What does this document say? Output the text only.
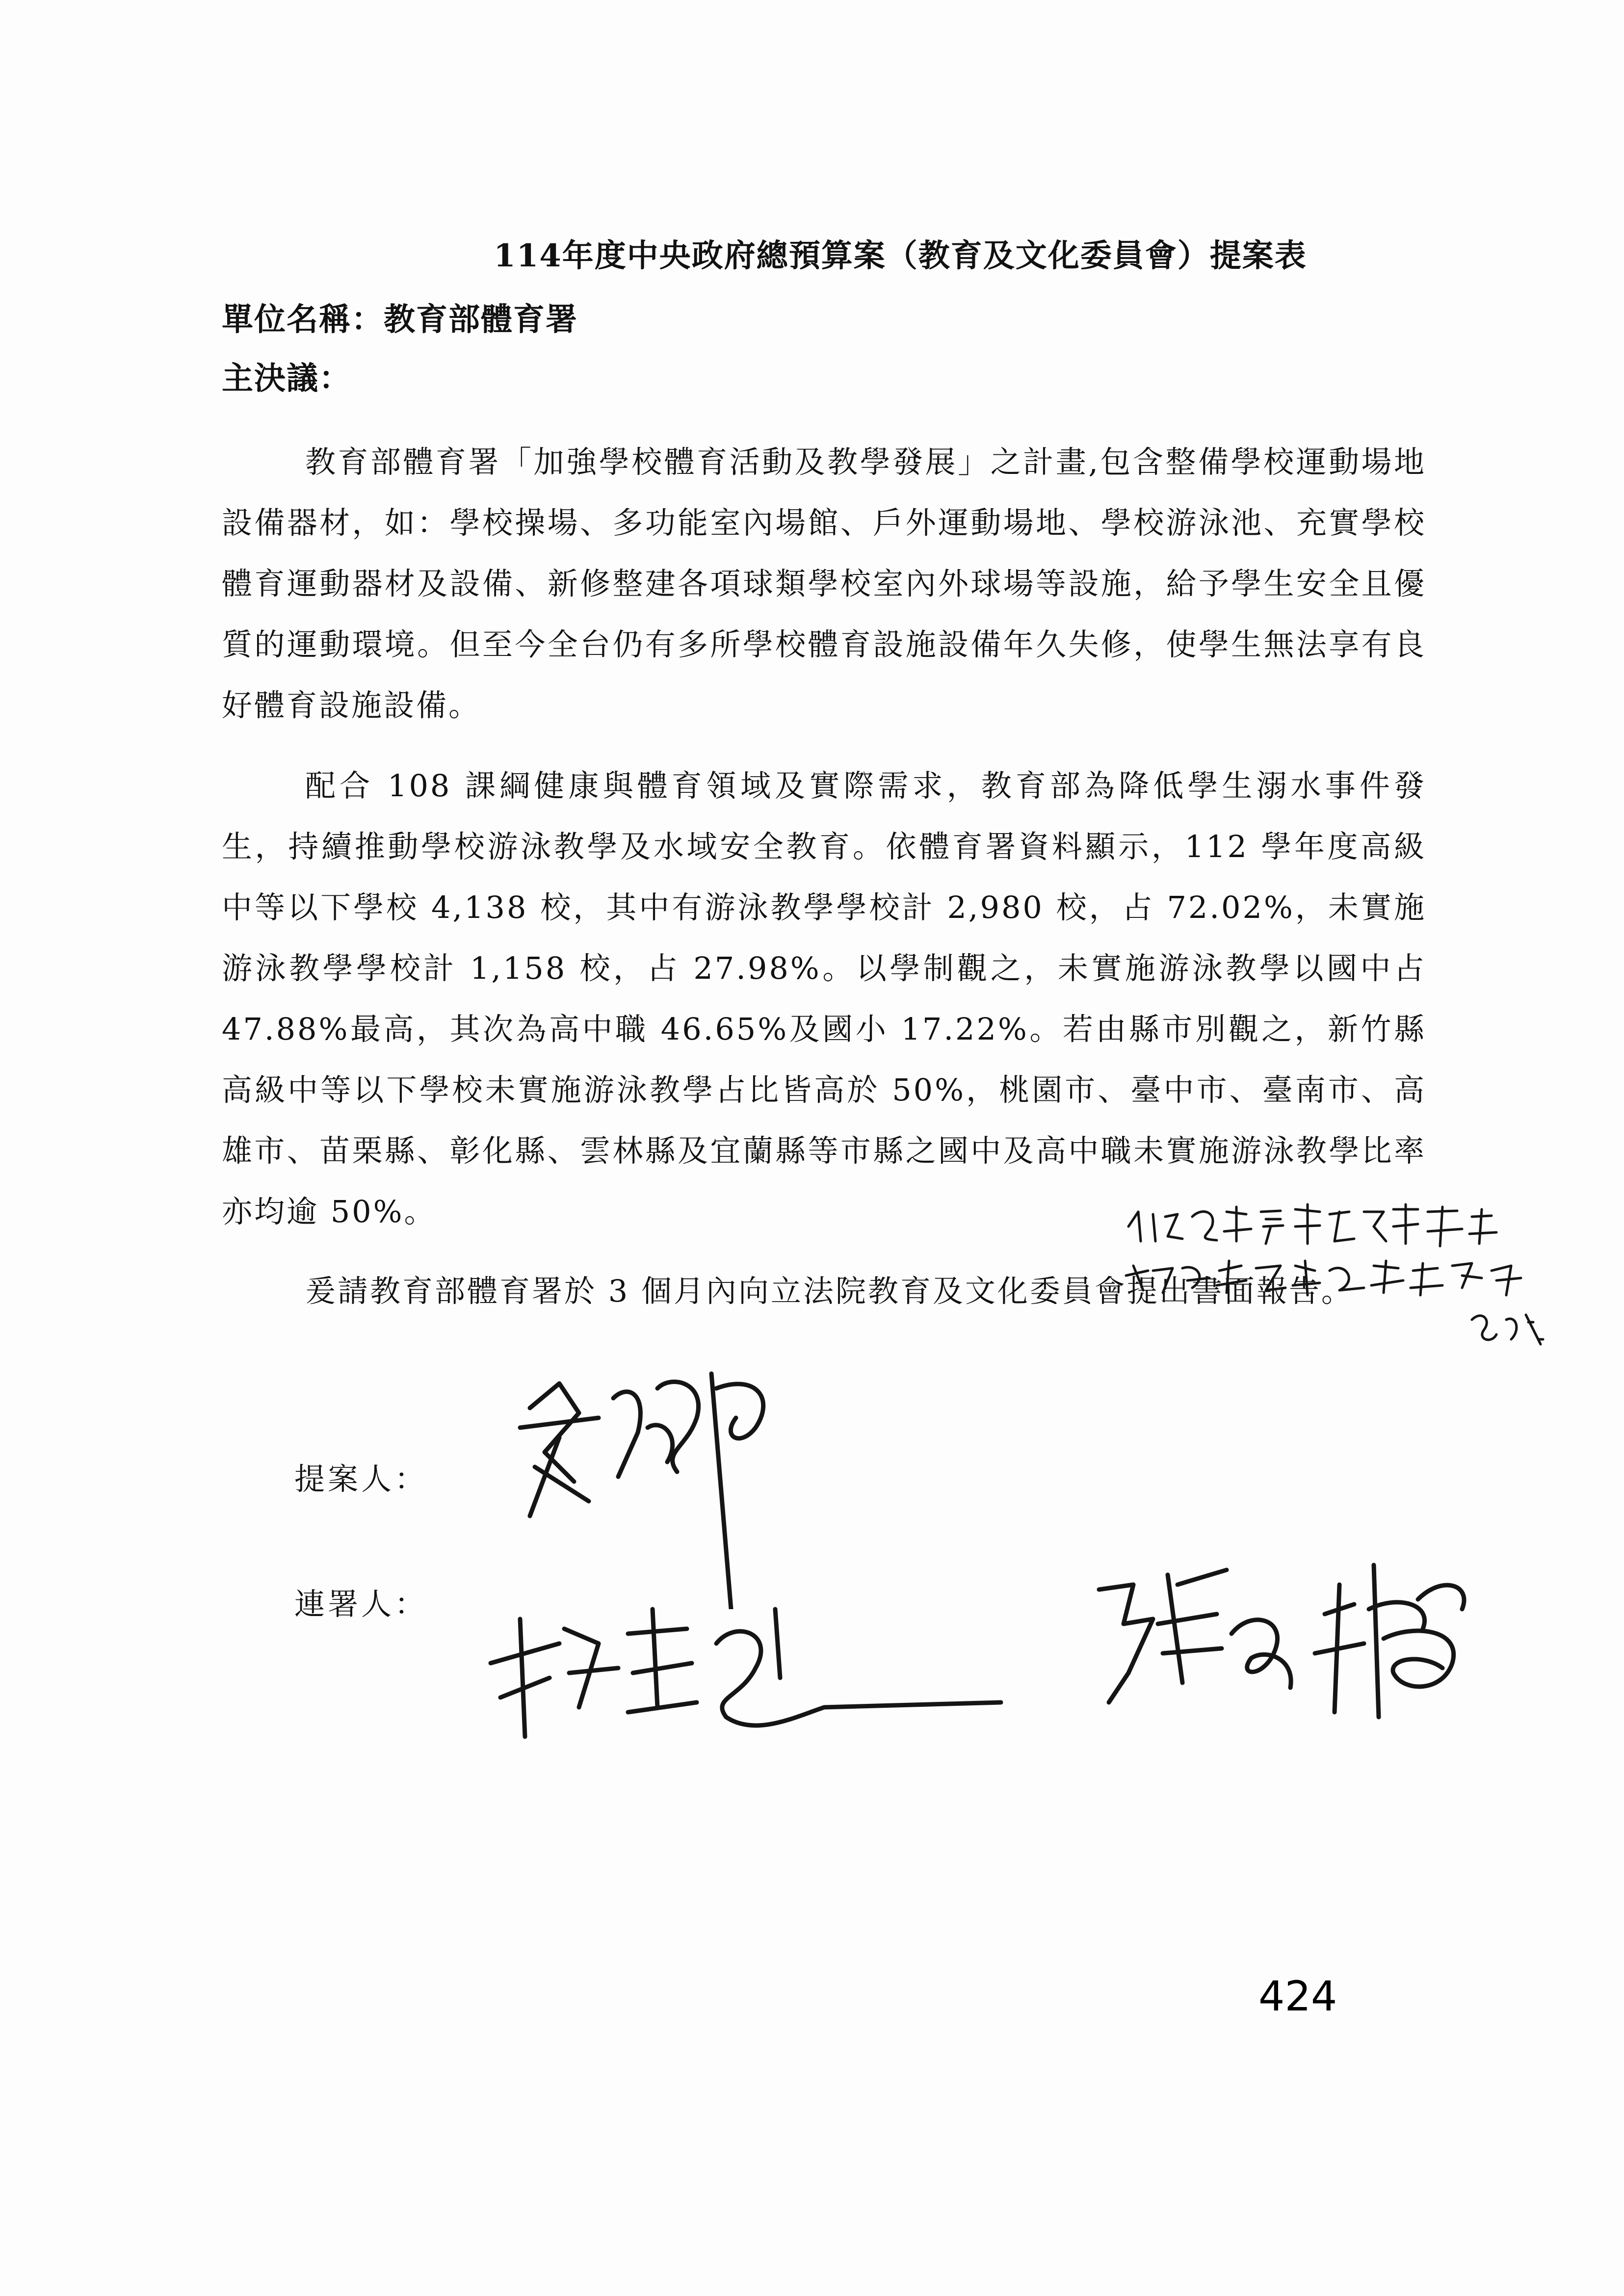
114年度中央政府總預算案（教育及文化委員會）提案表
單位名稱：教育部體育署
主決議：

教育部體育署「加強學校體育活動及教學發展」之計畫,包含整備學校運動場地設備器材，如：學校操場、多功能室內場館、戶外運動場地、學校游泳池、充實學校體育運動器材及設備、新修整建各項球類學校室內外球場等設施，給予學生安全且優質的運動環境。但至今全台仍有多所學校體育設施設備年久失修，使學生無法享有良好體育設施設備。

配合 108 課綱健康與體育領域及實際需求，教育部為降低學生溺水事件發生，持續推動學校游泳教學及水域安全教育。依體育署資料顯示，112 學年度高級中等以下學校 4,138 校，其中有游泳教學學校計 2,980 校，占 72.02%，未實施游泳教學學校計 1,158 校，占 27.98%。以學制觀之，未實施游泳教學以國中占 47.88%最高，其次為高中職 46.65%及國小 17.22%。若由縣市別觀之，新竹縣高級中等以下學校未實施游泳教學占比皆高於 50%，桃園市、臺中市、臺南市、高雄市、苗栗縣、彰化縣、雲林縣及宜蘭縣等市縣之國中及高中職未實施游泳教學比率亦均逾 50%。

爰請教育部體育署於 3 個月內向立法院教育及文化委員會提出書面報告。

提案人：
連署人：
424
